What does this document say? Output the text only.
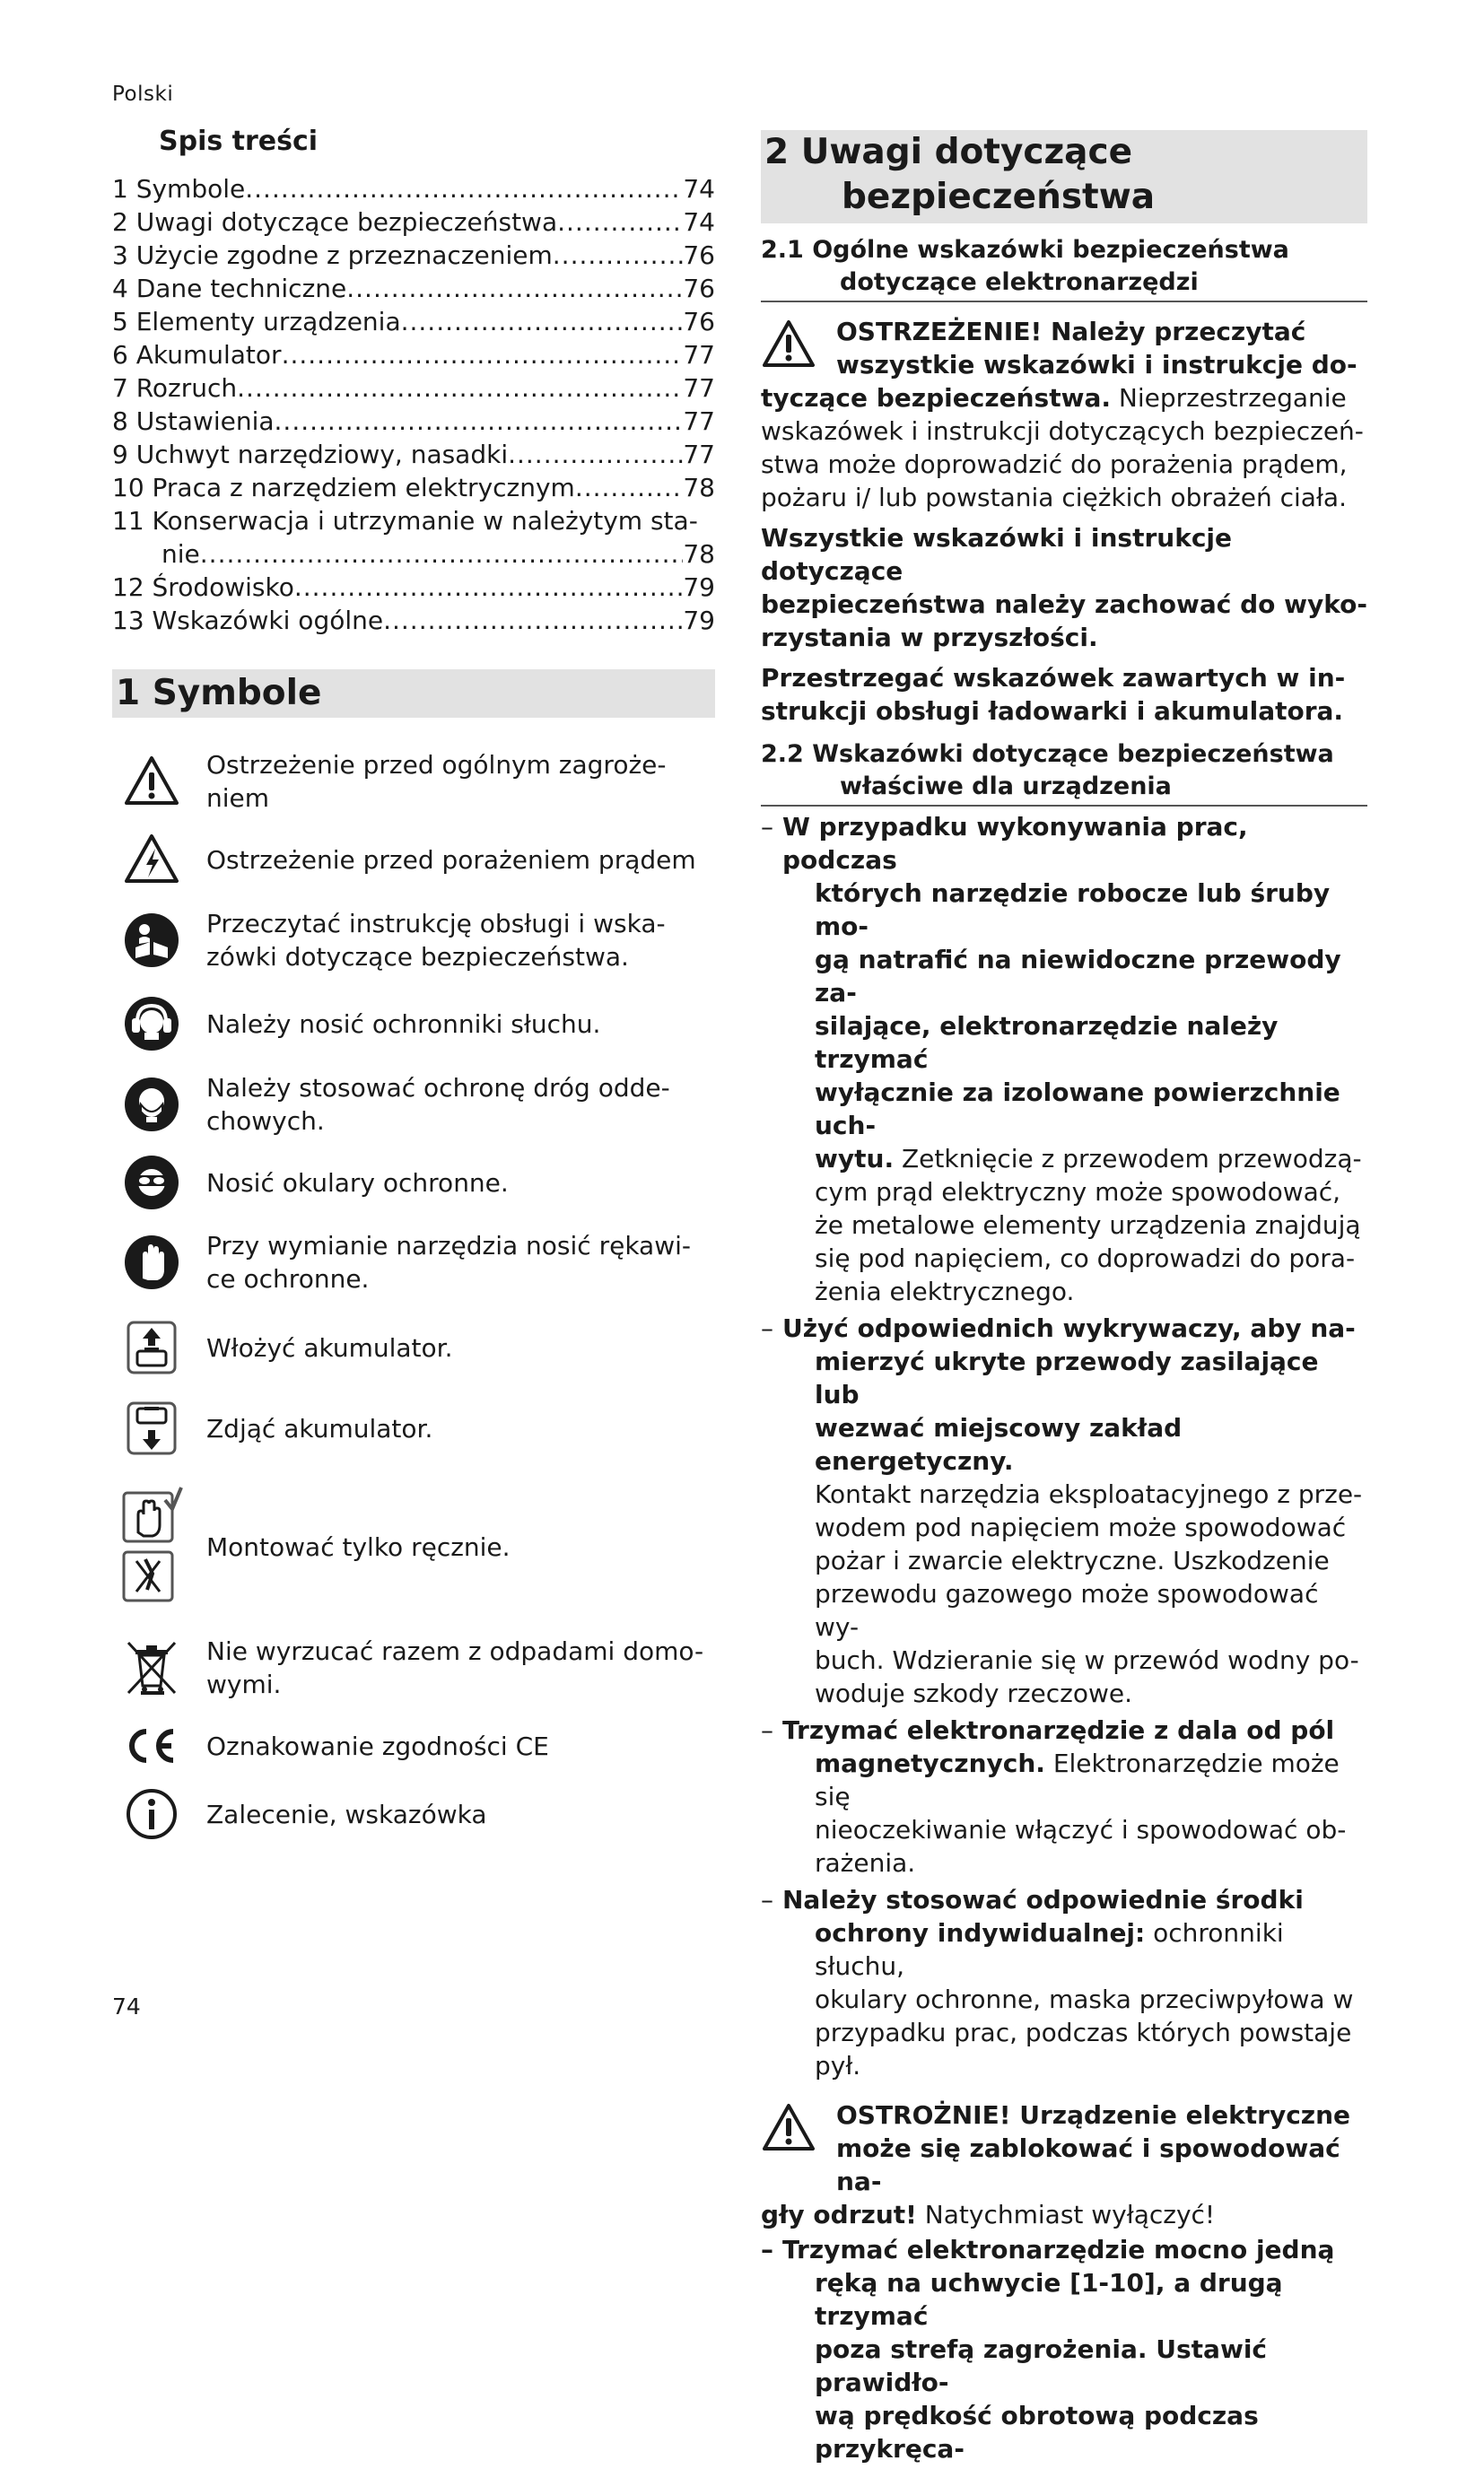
Polski
Spis treści
1 Symbole .....	74
2 Uwagi dotyczące bezpieczeństwa .....	74
3 Użycie zgodne z przeznaczeniem .....	76
4 Dane techniczne .....	76
5 Elementy urządzenia .....	76
6 Akumulator .....	77
7 Rozruch .....	77
8 Ustawienia .....	77
9 Uchwyt narzędziowy, nasadki .....	77
10 Praca z narzędziem elektrycznym .....	78
11 Konserwacja i utrzymanie w należytym sta-
nie .....	78
12 Środowisko .....	79
13 Wskazówki ogólne .....	79
1 Symbole
Ostrzeżenie przed ogólnym zagroże-
niem
Ostrzeżenie przed porażeniem prądem
Przeczytać instrukcję obsługi i wska-
zówki dotyczące bezpieczeństwa.
Należy nosić ochronniki słuchu.
Należy stosować ochronę dróg odde-
chowych.
Nosić okulary ochronne.
Przy wymianie narzędzia nosić rękawi-
ce ochronne.
Włożyć akumulator.
Zdjąć akumulator.
Montować tylko ręcznie.
Nie wyrzucać razem z odpadami domo-
wymi.
Oznakowanie zgodności CE
Zalecenie, wskazówka
2 Uwagi dotyczące
bezpieczeństwa
2.1 Ogólne wskazówki bezpieczeństwa
dotyczące elektronarzędzi
OSTRZEŻENIE! Należy przeczytać
wszystkie wskazówki i instrukcje do-
tyczące bezpieczeństwa. Nieprzestrzeganie
wskazówek i instrukcji dotyczących bezpieczeń-
stwa może doprowadzić do porażenia prądem,
pożaru i/ lub powstania ciężkich obrażeń ciała.
Wszystkie wskazówki i instrukcje dotyczące
bezpieczeństwa należy zachować do wyko-
rzystania w przyszłości.
Przestrzegać wskazówek zawartych w in-
strukcji obsługi ładowarki i akumulatora.
2.2 Wskazówki dotyczące bezpieczeństwa
właściwe dla urządzenia
– W przypadku wykonywania prac, podczas
których narzędzie robocze lub śruby mo-
gą natrafić na niewidoczne przewody za-
silające, elektronarzędzie należy trzymać
wyłącznie za izolowane powierzchnie uch-
wytu. Zetknięcie z przewodem przewodzą-
cym prąd elektryczny może spowodować,
że metalowe elementy urządzenia znajdują
się pod napięciem, co doprowadzi do pora-
żenia elektrycznego.
– Użyć odpowiednich wykrywaczy, aby na-
mierzyć ukryte przewody zasilające lub
wezwać miejscowy zakład energetyczny.
Kontakt narzędzia eksploatacyjnego z prze-
wodem pod napięciem może spowodować
pożar i zwarcie elektryczne. Uszkodzenie
przewodu gazowego może spowodować wy-
buch. Wdzieranie się w przewód wodny po-
woduje szkody rzeczowe.
– Trzymać elektronarzędzie z dala od pól
magnetycznych. Elektronarzędzie może się
nieoczekiwanie włączyć i spowodować ob-
rażenia.
– Należy stosować odpowiednie środki
ochrony indywidualnej: ochronniki słuchu,
okulary ochronne, maska przeciwpyłowa w
przypadku prac, podczas których powstaje
pył.
OSTROŻNIE! Urządzenie elektryczne
może się zablokować i spowodować na-
gły odrzut! Natychmiast wyłączyć!
– Trzymać elektronarzędzie mocno jedną
ręką na uchwycie [1-10], a drugą trzymać
poza strefą zagrożenia. Ustawić prawidło-
wą prędkość obrotową podczas przykręca-
74
